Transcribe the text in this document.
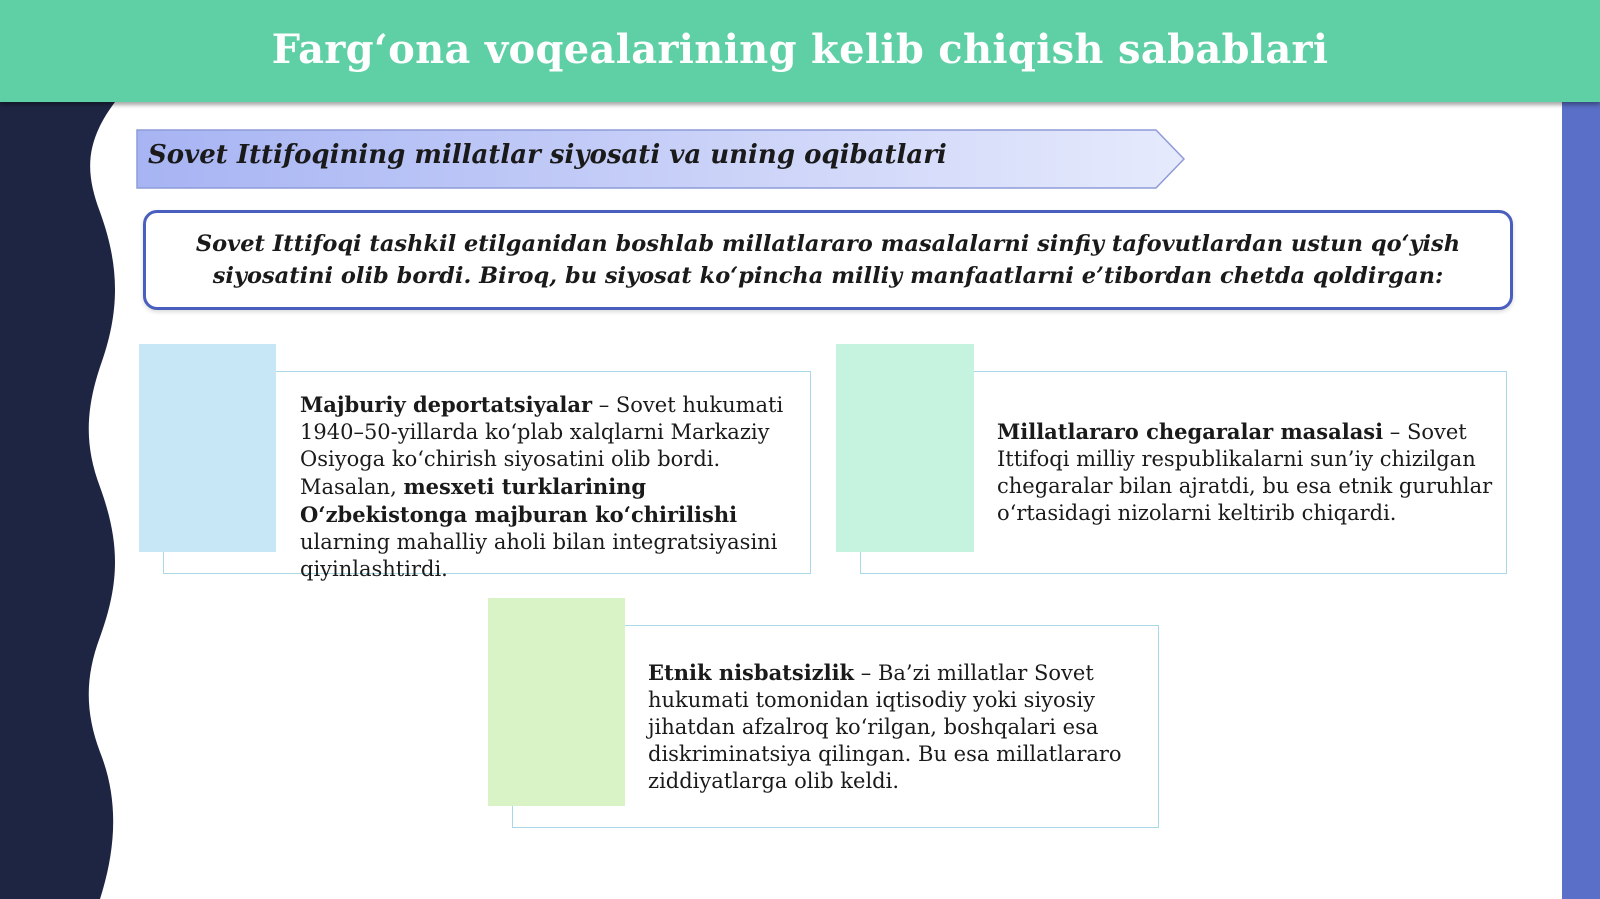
Farg‘ona voqealarining kelib chiqish sabablari
Sovet Ittifoqining millatlar siyosati va uning oqibatlari

Sovet Ittifoqi tashkil etilganidan boshlab millatlararo masalalarni sinfiy tafovutlardan ustun qo‘yish siyosatini olib bordi. Biroq, bu siyosat ko‘pincha milliy manfaatlarni e’tibordan chetda qoldirgan:

Majburiy deportatsiyalar – Sovet hukumati 1940–50-yillarda ko‘plab xalqlarni Markaziy Osiyoga ko‘chirish siyosatini olib bordi. Masalan, mesxeti turklarining O‘zbekistonga majburan ko‘chirilishi ularning mahalliy aholi bilan integratsiyasini qiyinlashtirdi.
Millatlararo chegaralar masalasi – Sovet Ittifoqi milliy respublikalarni sun’iy chizilgan chegaralar bilan ajratdi, bu esa etnik guruhlar o‘rtasidagi nizolarni keltirib chiqardi.
Etnik nisbatsizlik – Ba’zi millatlar Sovet hukumati tomonidan iqtisodiy yoki siyosiy jihatdan afzalroq ko‘rilgan, boshqalari esa diskriminatsiya qilingan. Bu esa millatlararo ziddiyatlarga olib keldi.
